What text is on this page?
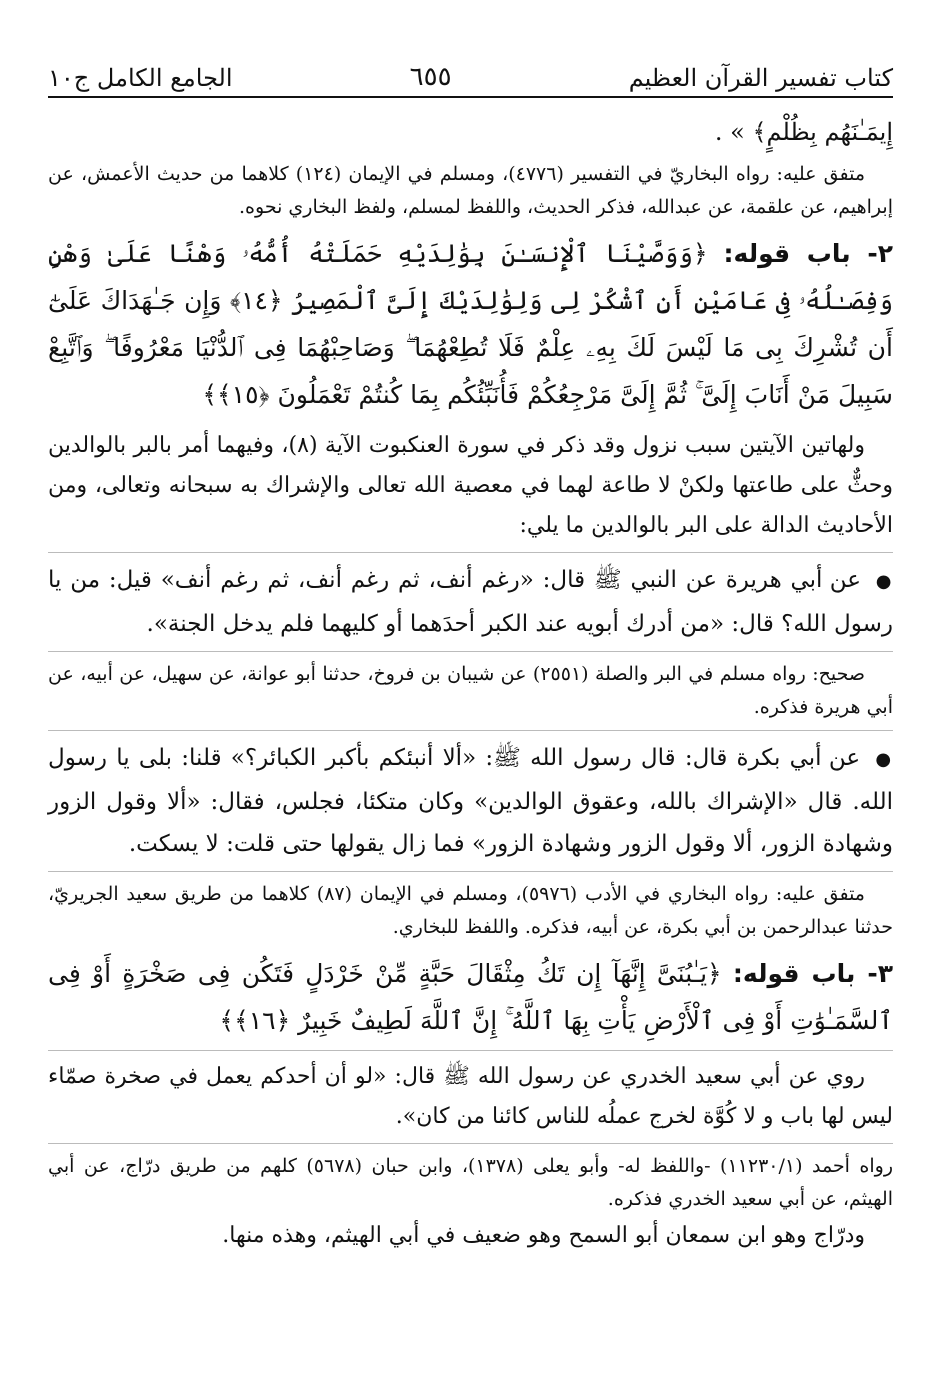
كتاب تفسير القرآن العظيم
٦٥٥
الجامع الكامل ج١٠

إِيمَـٰنَهُم بِظُلْمٍ﴾ » .

متفق عليه: رواه البخاريّ في التفسير (٤٧٧٦)، ومسلم في الإيمان (١٢٤) كلاهما من حديث الأعمش، عن إبراهيم، عن علقمة، عن عبدالله، فذكر الحديث، واللفظ لمسلم، ولفظ البخاري نحوه.

٢- باب قوله: ﴿وَوَصَّيْنَا ٱلْإِنسَـٰنَ بِوَٰلِدَيْهِ حَمَلَتْهُ أُمُّهُۥ وَهْنًا عَلَىٰ وَهْنٍ وَفِصَـٰلُهُۥ فِى عَامَيْنِ أَنِ ٱشْكُرْ لِى وَلِوَٰلِدَيْكَ إِلَىَّ ٱلْمَصِيرُ ﴿١٤﴾ وَإِن جَـٰهَدَاكَ عَلَىٰٓ أَن تُشْرِكَ بِى مَا لَيْسَ لَكَ بِهِۦ عِلْمٌ فَلَا تُطِعْهُمَا ۖ وَصَاحِبْهُمَا فِى ٱلدُّنْيَا مَعْرُوفًا ۖ وَٱتَّبِعْ سَبِيلَ مَنْ أَنَابَ إِلَىَّ ۚ ثُمَّ إِلَىَّ مَرْجِعُكُمْ فَأُنَبِّئُكُم بِمَا كُنتُمْ تَعْمَلُونَ ﴿١٥﴾﴾

ولهاتين الآيتين سبب نزول وقد ذكر في سورة العنكبوت الآية (٨)، وفيهما أمر بالبر بالوالدين وحثٌّ على طاعتها ولكنْ لا طاعة لهما في معصية الله تعالى والإشراك به سبحانه وتعالى، ومن الأحاديث الدالة على البر بالوالدين ما يلي:

● عن أبي هريرة عن النبي ﷺ قال: «رغم أنف، ثم رغم أنف، ثم رغم أنف» قيل: من يا رسول الله؟ قال: «من أدرك أبويه عند الكبر أحدَهما أو كليهما فلم يدخل الجنة».

صحيح: رواه مسلم في البر والصلة (٢٥٥١) عن شيبان بن فروخ، حدثنا أبو عوانة، عن سهيل، عن أبيه، عن أبي هريرة فذكره.

● عن أبي بكرة قال: قال رسول الله ﷺ: «ألا أنبئكم بأكبر الكبائر؟» قلنا: بلى يا رسول الله. قال «الإشراك بالله، وعقوق الوالدين» وكان متكئا، فجلس، فقال: «ألا وقول الزور وشهادة الزور، ألا وقول الزور وشهادة الزور» فما زال يقولها حتى قلت: لا يسكت.

متفق عليه: رواه البخاري في الأدب (٥٩٧٦)، ومسلم في الإيمان (٨٧) كلاهما من طريق سعيد الجريريّ، حدثنا عبدالرحمن بن أبي بكرة، عن أبيه، فذكره. واللفظ للبخاري.

٣- باب قوله: ﴿يَـٰبُنَىَّ إِنَّهَآ إِن تَكُ مِثْقَالَ حَبَّةٍ مِّنْ خَرْدَلٍ فَتَكُن فِى صَخْرَةٍ أَوْ فِى ٱلسَّمَـٰوَٰتِ أَوْ فِى ٱلْأَرْضِ يَأْتِ بِهَا ٱللَّهُ ۚ إِنَّ ٱللَّهَ لَطِيفٌ خَبِيرٌ ﴿١٦﴾﴾

روي عن أبي سعيد الخدري عن رسول الله ﷺ قال: «لو أن أحدكم يعمل في صخرة صمّاء ليس لها باب و لا كُوَّة لخرج عملُه للناس كائنا من كان».

رواه أحمد (١١٢٣٠/١) -واللفظ له- وأبو يعلى (١٣٧٨)، وابن حبان (٥٦٧٨) كلهم من طريق درّاج، عن أبي الهيثم، عن أبي سعيد الخدري فذكره.

ودرّاج وهو ابن سمعان أبو السمح وهو ضعيف في أبي الهيثم، وهذه منها.
